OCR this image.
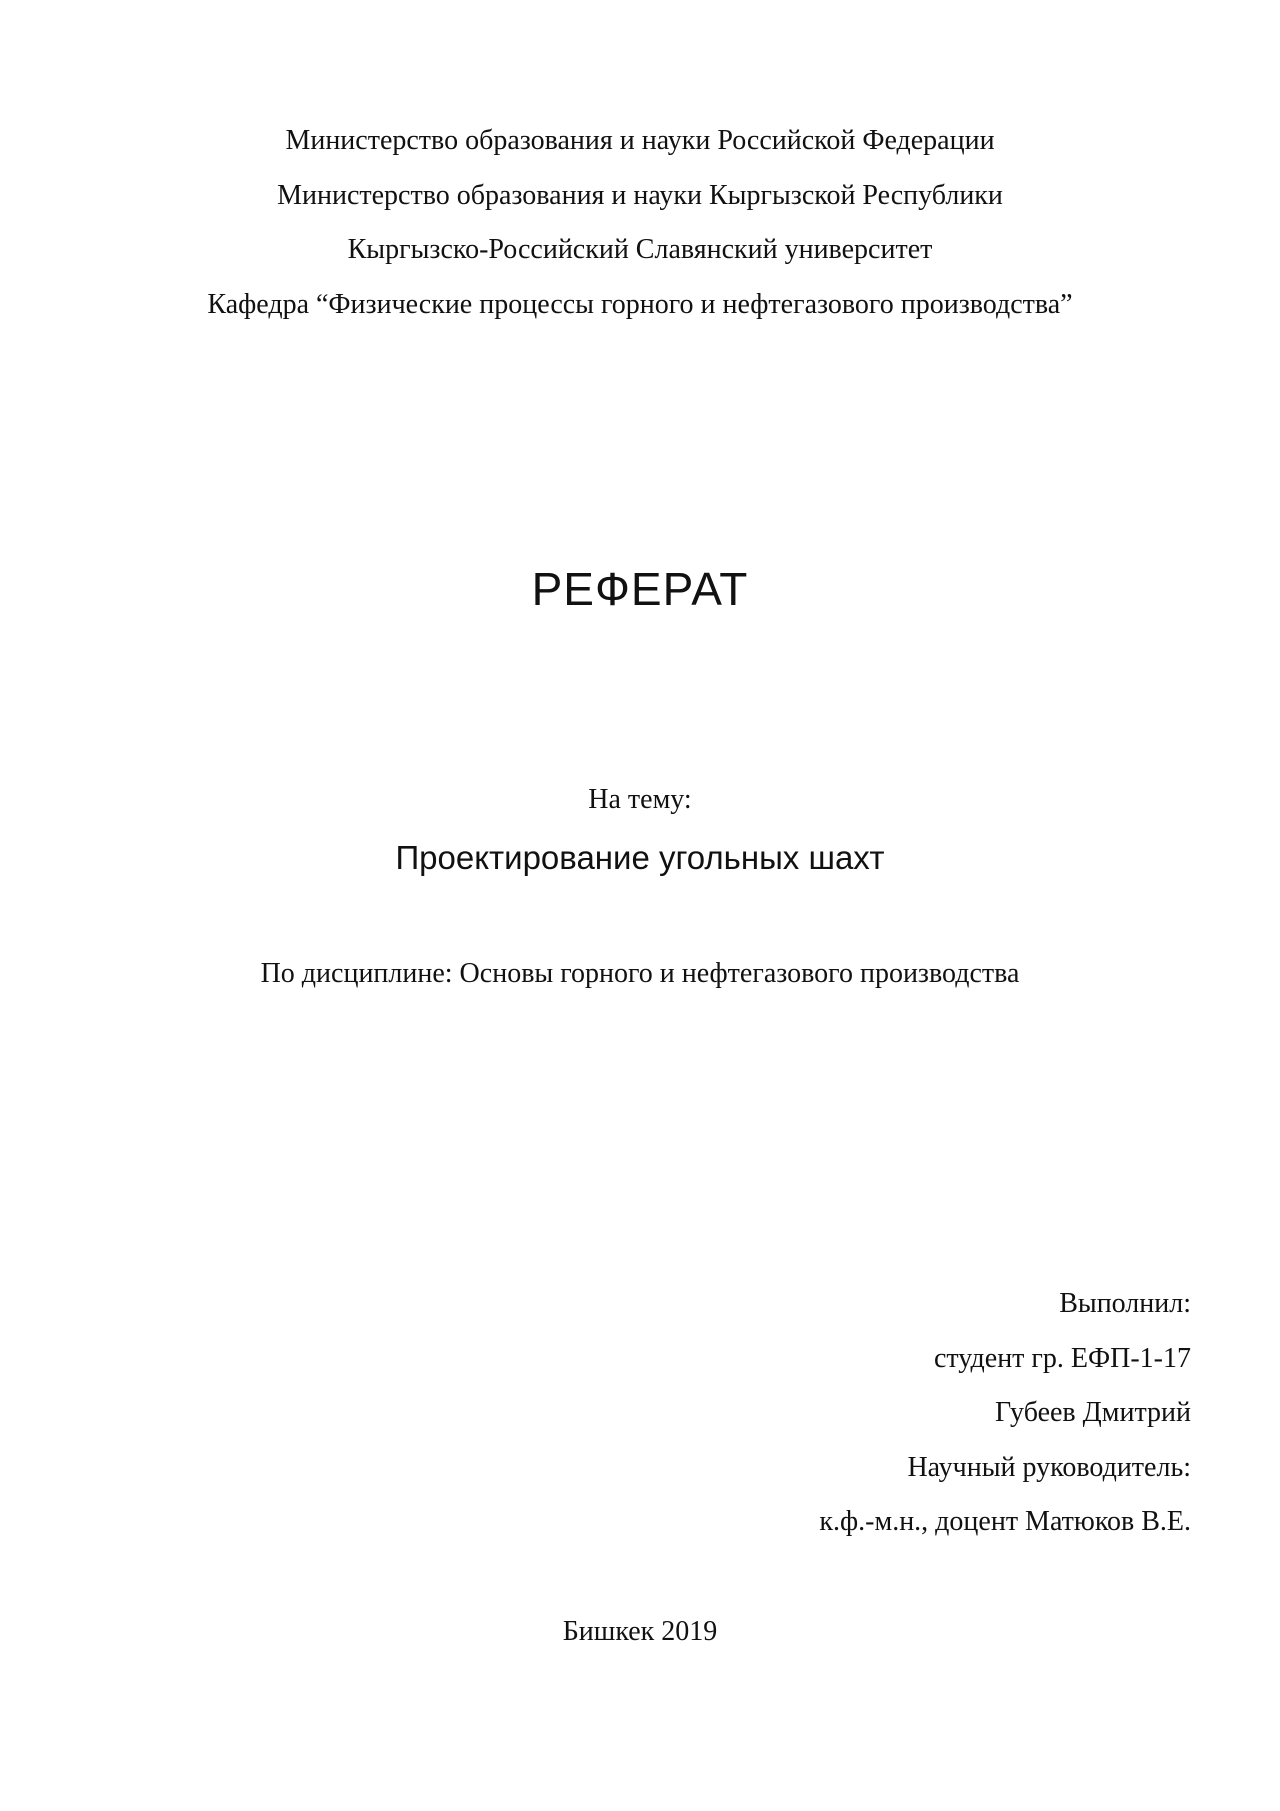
Министерство образования и науки Российской Федерации
Министерство образования и науки Кыргызской Республики
Кыргызско-Российский Славянский университет
Кафедра “Физические процессы горного и нефтегазового производства”
РЕФЕРАТ
На тему:
Проектирование угольных шахт
По дисциплине: Основы горного и нефтегазового производства
Выполнил:
студент гр. ЕФП-1-17
Губеев Дмитрий
Научный руководитель:
к.ф.-м.н., доцент Матюков В.Е.
Бишкек 2019
